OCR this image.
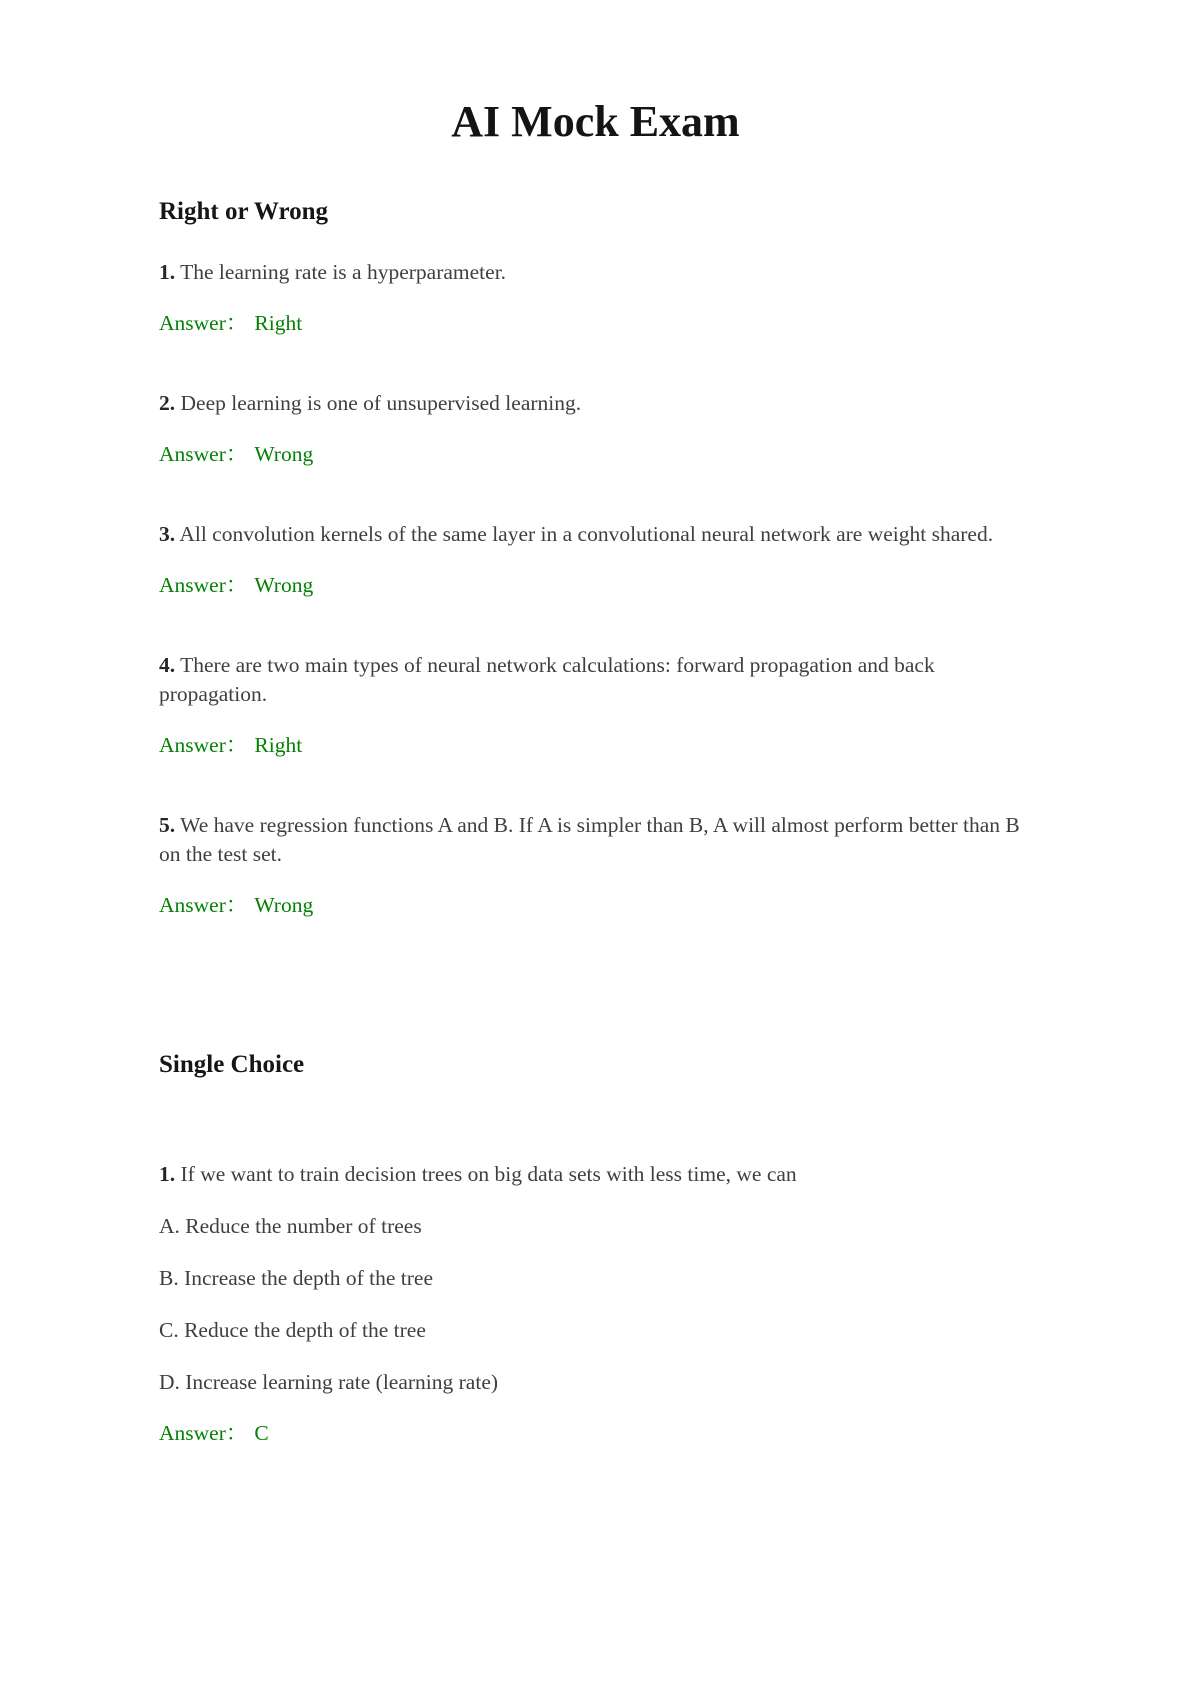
AI Mock Exam
Right or Wrong

1. The learning rate is a hyperparameter.

Answer： Right

2. Deep learning is one of unsupervised learning.

Answer： Wrong

3. All convolution kernels of the same layer in a convolutional neural network are weight shared.

Answer： Wrong

4. There are two main types of neural network calculations: forward propagation and back propagation.

Answer： Right

5. We have regression functions A and B. If A is simpler than B, A will almost perform better than B on the test set.

Answer： Wrong

Single Choice

1. If we want to train decision trees on big data sets with less time, we can

A. Reduce the number of trees

B. Increase the depth of the tree

C. Reduce the depth of the tree

D. Increase learning rate (learning rate)

Answer： C
